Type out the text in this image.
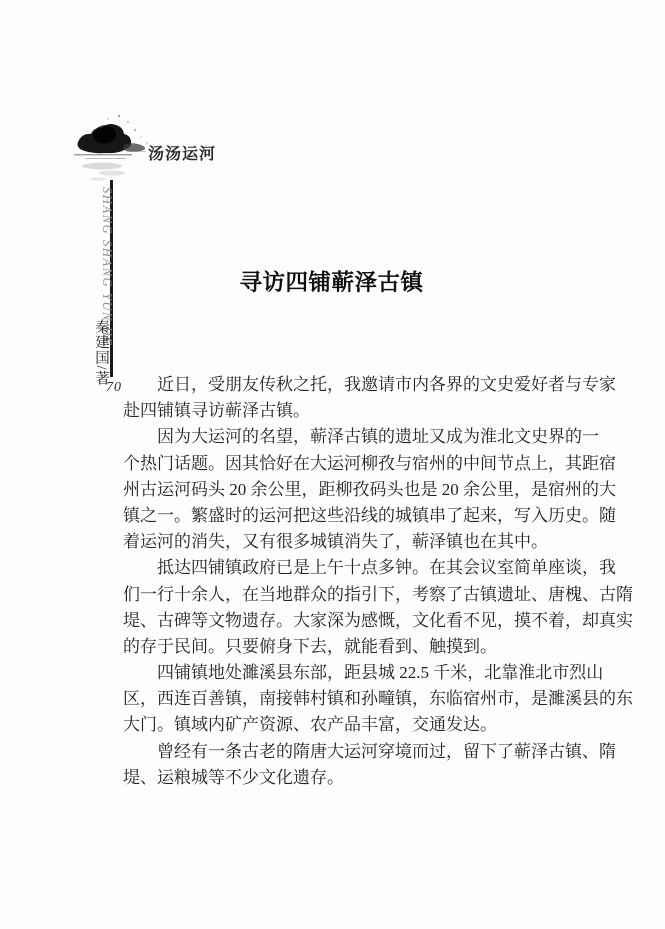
汤汤运河
SHANG SHANG YUN HE
秦建国/著
70
寻访四铺蕲泽古镇
　　近日，受朋友传秋之托，我邀请市内各界的文史爱好者与专家
赴四铺镇寻访蕲泽古镇。
　　因为大运河的名望，蕲泽古镇的遗址又成为淮北文史界的一
个热门话题。因其恰好在大运河柳孜与宿州的中间节点上，其距宿
州古运河码头 20 余公里，距柳孜码头也是 20 余公里，是宿州的大
镇之一。繁盛时的运河把这些沿线的城镇串了起来，写入历史。随
着运河的消失，又有很多城镇消失了，蕲泽镇也在其中。
　　抵达四铺镇政府已是上午十点多钟。在其会议室简单座谈，我
们一行十余人，在当地群众的指引下，考察了古镇遗址、唐槐、古隋
堤、古碑等文物遗存。大家深为感慨，文化看不见，摸不着，却真实
的存于民间。只要俯身下去，就能看到、触摸到。
　　四铺镇地处濉溪县东部，距县城 22.5 千米，北靠淮北市烈山
区，西连百善镇，南接韩村镇和孙疃镇，东临宿州市，是濉溪县的东
大门。镇域内矿产资源、农产品丰富，交通发达。
　　曾经有一条古老的隋唐大运河穿境而过，留下了蕲泽古镇、隋
堤、运粮城等不少文化遗存。
